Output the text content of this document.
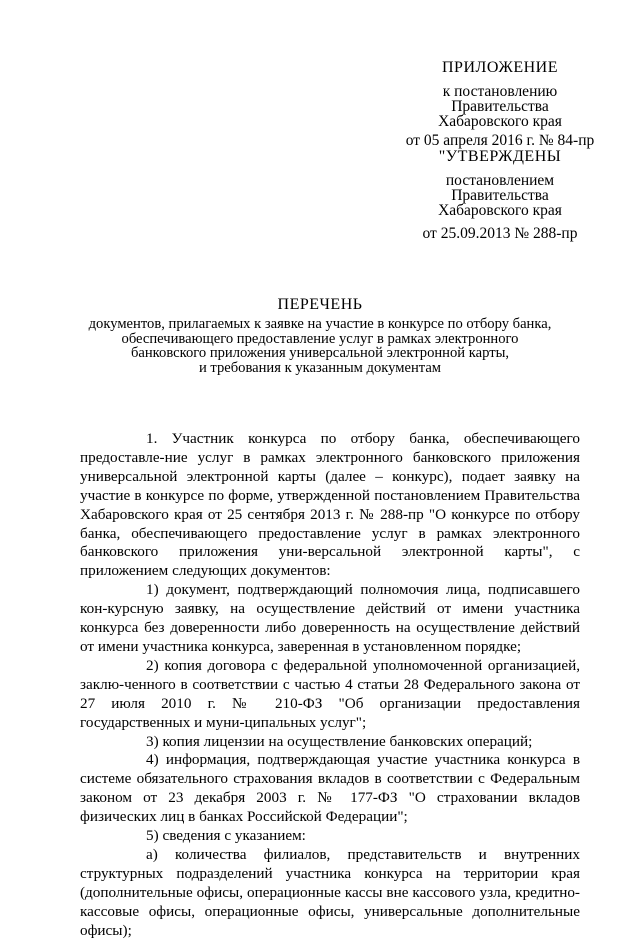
ПРИЛОЖЕНИЕ
к постановлению
Правительства
Хабаровского края
от 05 апреля 2016 г. № 84-пр
"УТВЕРЖДЕНЫ
постановлением
Правительства
Хабаровского края
от 25.09.2013 № 288-пр
ПЕРЕЧЕНЬ
документов, прилагаемых к заявке на участие в конкурсе по отбору банка,
обеспечивающего предоставление услуг в рамках электронного
банковского приложения универсальной электронной карты,
и требования к указанным документам

1. Участник конкурса по отбору банка, обеспечивающего предоставле-ние услуг в рамках электронного банковского приложения универсальной электронной карты (далее – конкурс), подает заявку на участие в конкурсе по форме, утвержденной постановлением Правительства Хабаровского края от 25 сентября 2013 г. № 288-пр "О конкурсе по отбору банка, обеспечивающего предоставление услуг в рамках электронного банковского приложения уни-версальной электронной карты", с приложением следующих документов:

1) документ, подтверждающий полномочия лица, подписавшего кон-курсную заявку, на осуществление действий от имени участника конкурса без доверенности либо доверенность на осуществление действий от имени участника конкурса, заверенная в установленном порядке;

2) копия договора с федеральной уполномоченной организацией, заклю-ченного в соответствии с частью 4 статьи 28 Федерального закона от 27 июля 2010 г. № 210-ФЗ "Об организации предоставления государственных и муни-ципальных услуг";

3) копия лицензии на осуществление банковских операций;

4) информация, подтверждающая участие участника конкурса в системе обязательного страхования вкладов в соответствии с Федеральным законом от 23 декабря 2003 г. № 177-ФЗ "О страховании вкладов физических лиц в банках Российской Федерации";

5) сведения с указанием:

а) количества филиалов, представительств и внутренних структурных подразделений участника конкурса на территории края (дополнительные офисы, операционные кассы вне кассового узла, кредитно-кассовые офисы, операционные офисы, универсальные дополнительные офисы);
